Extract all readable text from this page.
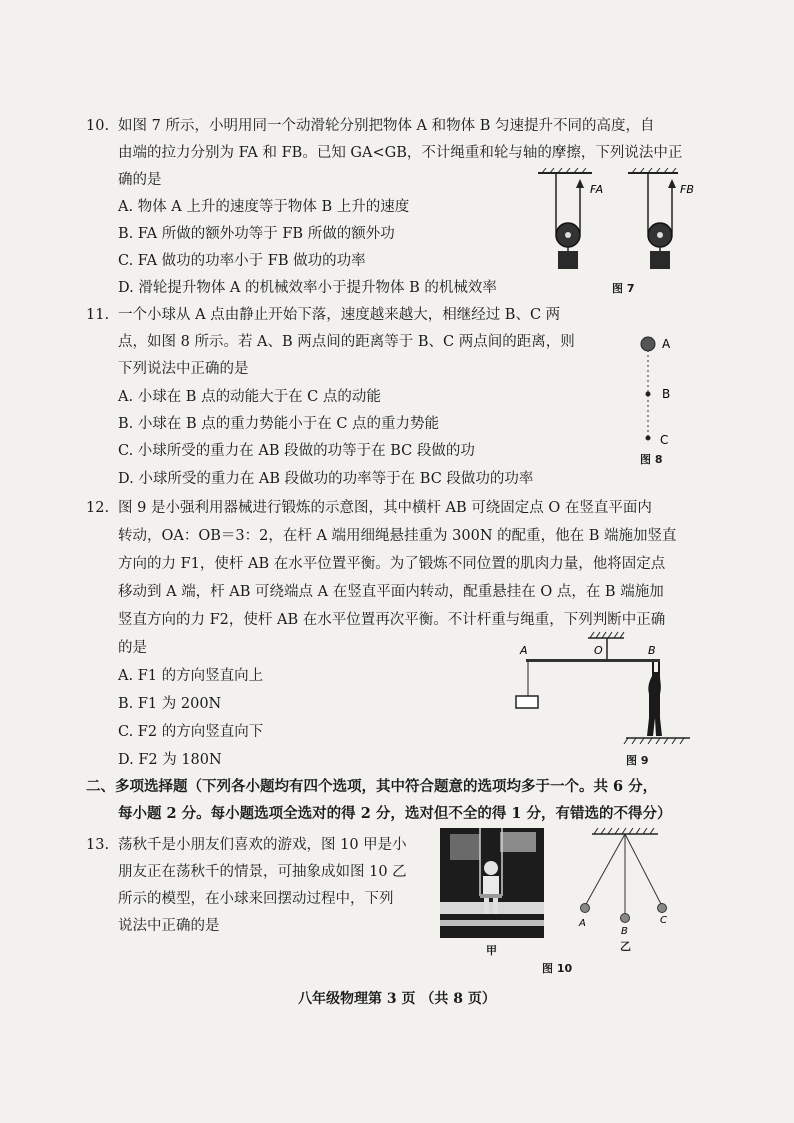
10. 如图 7 所示，小明用同一个动滑轮分别把物体 A 和物体 B 匀速提升不同的高度，自
由端的拉力分别为 FA 和 FB。已知 GA<GB，不计绳重和轮与轴的摩擦，下列说法中正
确的是
A. 物体 A 上升的速度等于物体 B 上升的速度
B. FA 所做的额外功等于 FB 所做的额外功
C. FA 做功的功率小于 FB 做功的功率
D. 滑轮提升物体 A 的机械效率小于提升物体 B 的机械效率
FA	FB
图 7
11. 一个小球从 A 点由静止开始下落，速度越来越大，相继经过 B、C 两
点，如图 8 所示。若 A、B 两点间的距离等于 B、C 两点间的距离，则
下列说法中正确的是
A. 小球在 B 点的动能大于在 C 点的动能
B. 小球在 B 点的重力势能小于在 C 点的重力势能
C. 小球所受的重力在 AB 段做的功等于在 BC 段做的功
D. 小球所受的重力在 AB 段做功的功率等于在 BC 段做功的功率
A
B
C
图 8
12. 图 9 是小强利用器械进行锻炼的示意图，其中横杆 AB 可绕固定点 O 在竖直平面内
转动，OA：OB＝3：2，在杆 A 端用细绳悬挂重为 300N 的配重，他在 B 端施加竖直
方向的力 F1，使杆 AB 在水平位置平衡。为了锻炼不同位置的肌肉力量，他将固定点
移动到 A 端，杆 AB 可绕端点 A 在竖直平面内转动，配重悬挂在 O 点，在 B 端施加
竖直方向的力 F2，使杆 AB 在水平位置再次平衡。不计杆重与绳重，下列判断中正确
的是
A. F1 的方向竖直向上
B. F1 为 200N
C. F2 的方向竖直向下
D. F2 为 180N
A	O	B
图 9
二、多项选择题（下列各小题均有四个选项，其中符合题意的选项均多于一个。共 6 分，
每小题 2 分。每小题选项全选对的得 2 分，选对但不全的得 1 分，有错选的不得分）
13. 荡秋千是小朋友们喜欢的游戏，图 10 甲是小
朋友正在荡秋千的情景，可抽象成如图 10 乙
所示的模型，在小球来回摆动过程中，下列
说法中正确的是
甲
A
B
C
乙
图 10
八年级物理第 3 页 （共 8 页）
